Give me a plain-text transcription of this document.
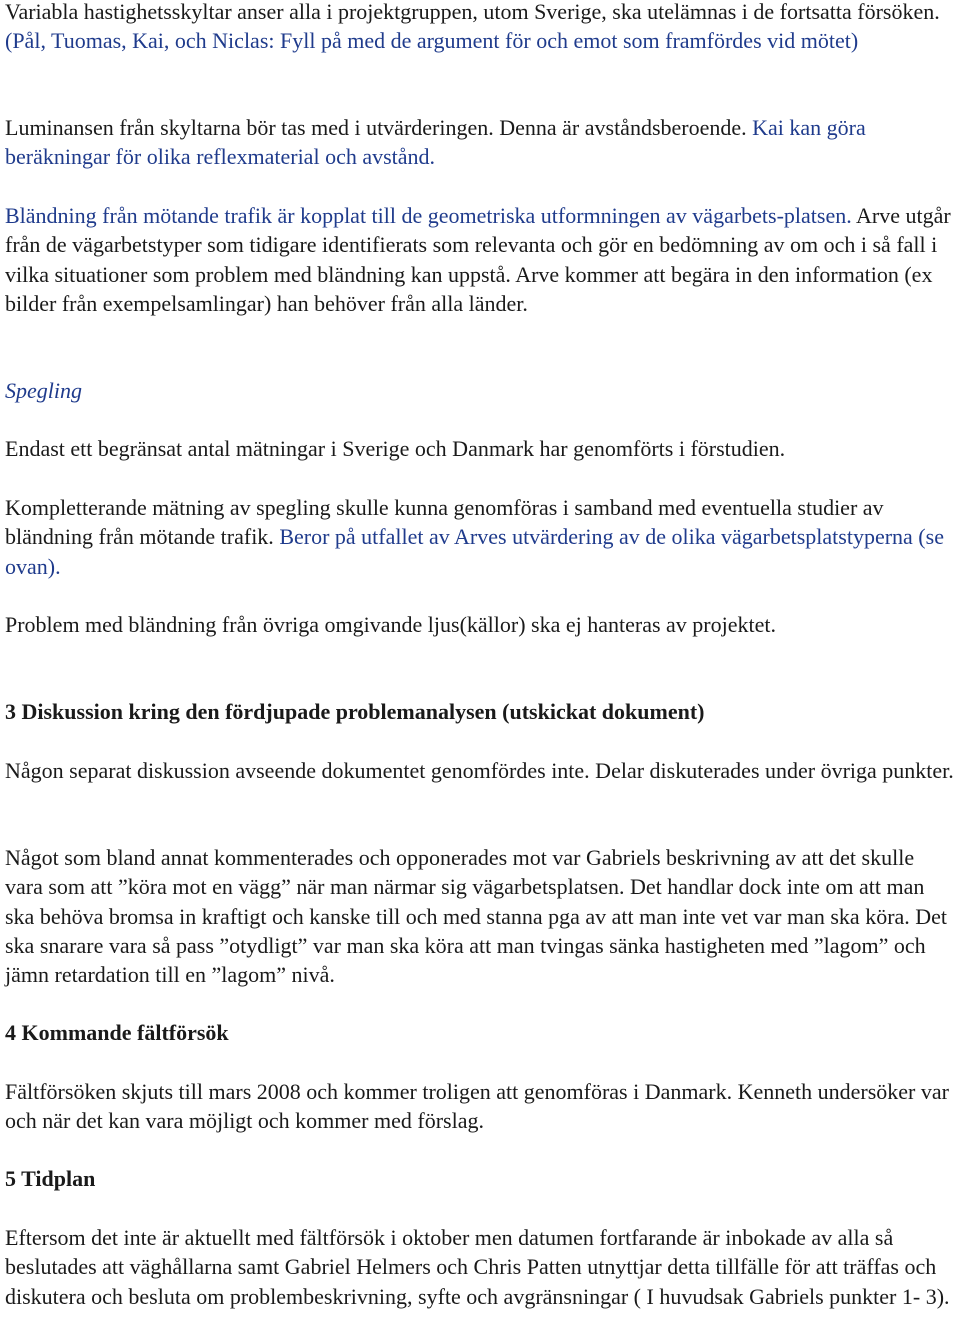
Variabla hastighetsskyltar anser alla i projektgruppen, utom Sverige, ska utelämnas i de fortsatta försöken. (Pål, Tuomas, Kai, och Niclas: Fyll på med de argument för och emot som framfördes vid mötet)

Luminansen från skyltarna bör tas med i utvärderingen. Denna är avståndsberoende. Kai kan göra beräkningar för olika reflexmaterial och avstånd.

Bländning från mötande trafik är kopplat till de geometriska utformningen av vägarbets-platsen. Arve utgår från de vägarbetstyper som tidigare identifierats som relevanta och gör en bedömning av om och i så fall i vilka situationer som problem med bländning kan uppstå. Arve kommer att begära in den information (ex bilder från exempelsamlingar) han behöver från alla länder.

Spegling

Endast ett begränsat antal mätningar i Sverige och Danmark har genomförts i förstudien.

Kompletterande mätning av spegling skulle kunna genomföras i samband med eventuella studier av bländning från mötande trafik. Beror på utfallet av Arves utvärdering av de olika vägarbetsplatstyperna (se ovan).

Problem med bländning från övriga omgivande ljus(källor) ska ej hanteras av projektet.

3 Diskussion kring den fördjupade problemanalysen (utskickat dokument)

Någon separat diskussion avseende dokumentet genomfördes inte. Delar diskuterades under övriga punkter.

Något som bland annat kommenterades och opponerades mot var Gabriels beskrivning av att det skulle vara som att ”köra mot en vägg” när man närmar sig vägarbetsplatsen. Det handlar dock inte om att man ska behöva bromsa in kraftigt och kanske till och med stanna pga av att man inte vet var man ska köra. Det ska snarare vara så pass ”otydligt” var man ska köra att man tvingas sänka hastigheten med ”lagom” och jämn retardation till en ”lagom” nivå.

4 Kommande fältförsök

Fältförsöken skjuts till mars 2008 och kommer troligen att genomföras i Danmark. Kenneth undersöker var och när det kan vara möjligt och kommer med förslag.

5 Tidplan

Eftersom det inte är aktuellt med fältförsök i oktober men datumen fortfarande är inbokade av alla så beslutades att väghållarna samt Gabriel Helmers och Chris Patten utnyttjar detta tillfälle för att träffas och diskutera och besluta om problembeskrivning, syfte och avgränsningar ( I huvudsak Gabriels punkter 1- 3).
